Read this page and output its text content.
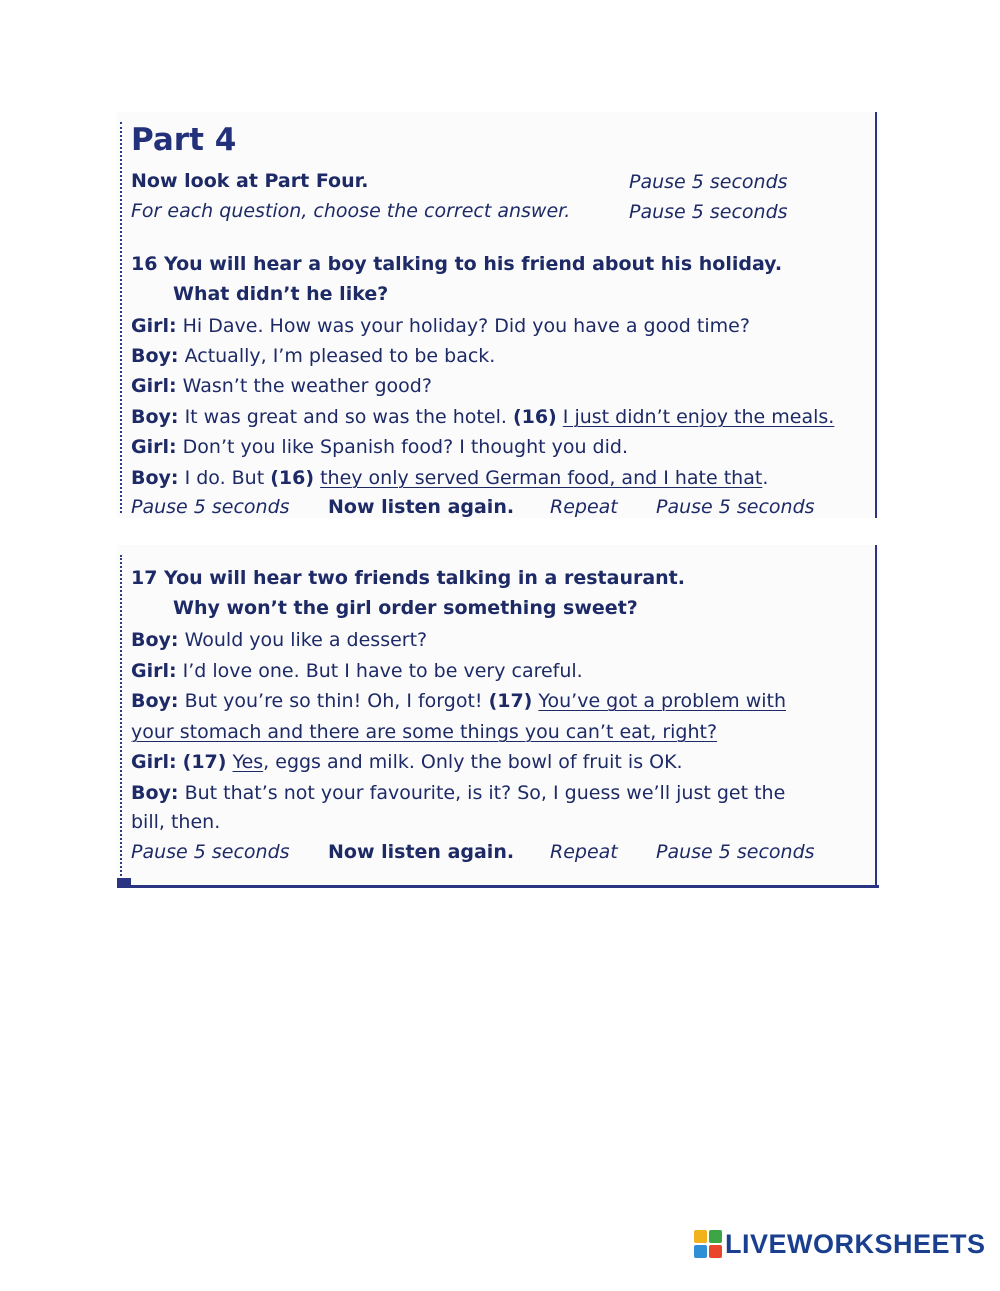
Part 4
Now look at Part Four.	Pause 5 seconds
For each question, choose the correct answer.	Pause 5 seconds
16 You will hear a boy talking to his friend about his holiday.
What didn’t he like?
Girl: Hi Dave. How was your holiday? Did you have a good time?
Boy: Actually, I’m pleased to be back.
Girl: Wasn’t the weather good?
Boy: It was great and so was the hotel. (16) I just didn’t enjoy the meals.
Girl: Don’t you like Spanish food? I thought you did.
Boy: I do. But (16) they only served German food, and I hate that.
Pause 5 seconds Now listen again. Repeat Pause 5 seconds
17 You will hear two friends talking in a restaurant.
Why won’t the girl order something sweet?
Boy: Would you like a dessert?
Girl: I’d love one. But I have to be very careful.
Boy: But you’re so thin! Oh, I forgot! (17) You’ve got a problem with
your stomach and there are some things you can’t eat, right?
Girl: (17) Yes, eggs and milk. Only the bowl of fruit is OK.
Boy: But that’s not your favourite, is it? So, I guess we’ll just get the
bill, then.
Pause 5 seconds Now listen again. Repeat Pause 5 seconds
LIVEWORKSHEETS
